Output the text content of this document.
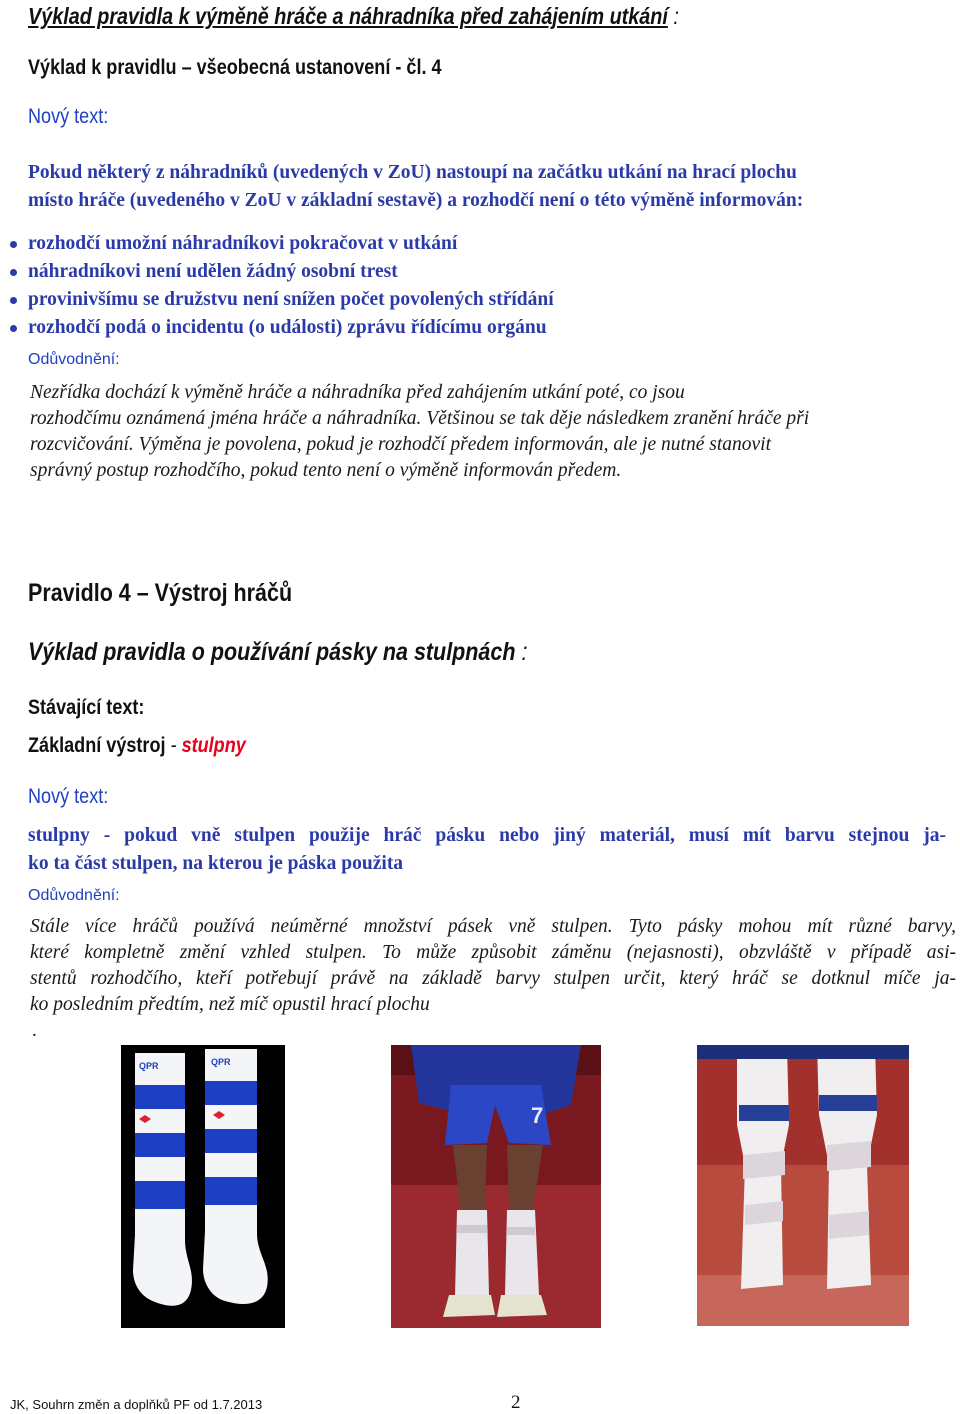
Výklad pravidla k výměně hráče a náhradníka před zahájením utkání :
Výklad k pravidlu – všeobecná ustanovení - čl. 4
Nový text:
Pokud některý z náhradníků (uvedených v ZoU) nastoupí na začátku utkání na hrací plochu
místo hráče (uvedeného v ZoU v základní sestavě) a rozhodčí není o této výměně informován:
rozhodčí umožní náhradníkovi pokračovat v utkání
náhradníkovi není udělen žádný osobní trest
provinivšímu se družstvu není snížen počet povolených střídání
rozhodčí podá o incidentu (o události) zprávu řídícímu orgánu
Odůvodnění:
Nezřídka dochází k výměně hráče a náhradníka před zahájením utkání poté, co jsou
rozhodčímu oznámená jména hráče a náhradníka. Většinou se tak děje následkem zranění hráče při
rozcvičování. Výměna je povolena, pokud je rozhodčí předem informován, ale je nutné stanovit
správný postup rozhodčího, pokud tento není o výměně informován předem.
Pravidlo 4 – Výstroj hráčů
Výklad pravidla o používání pásky na stulpnách :
Stávající text:
Základní výstroj - stulpny
Nový text:
stulpny - pokud vně stulpen použije hráč pásku nebo jiný materiál, musí mít barvu stejnou ja-
ko ta část stulpen, na kterou je páska použita
Odůvodnění:
Stále více hráčů používá neúměrné množství pásek vně stulpen. Tyto pásky mohou mít různé barvy,
které kompletně změní vzhled stulpen. To může způsobit záměnu (nejasnosti), obzvláště v případě asi-
stentů rozhodčího, kteří potřebují právě na základě barvy stulpen určit, který hráč se dotknul míče ja-
ko posledním předtím, než míč opustil hrací plochu
.
QPR	QPR
7
JK, Souhrn změn a doplňků PF od 1.7.2013	2
